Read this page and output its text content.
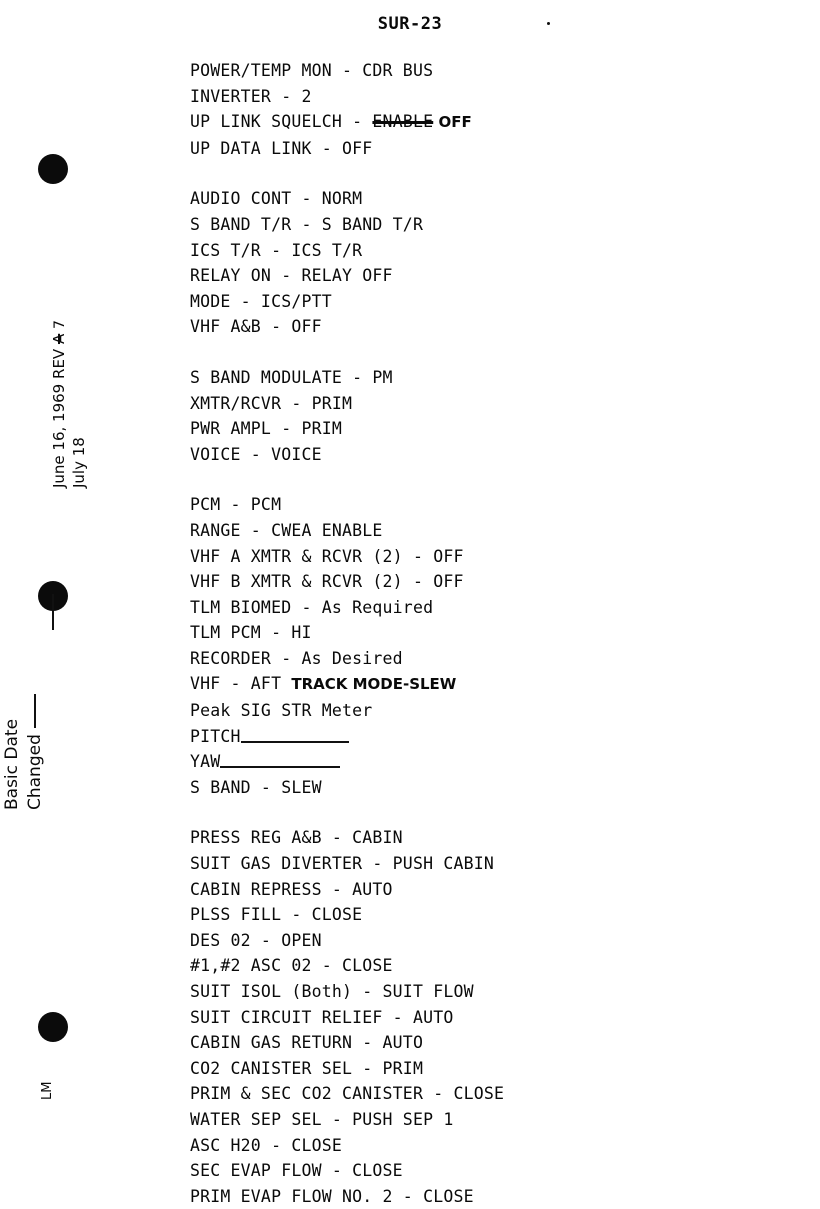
SUR-23
Basic Date Changed
June 16, 1969 REV A 7
July 18
LM
POWER/TEMP MON - CDR BUS
INVERTER - 2
UP LINK SQUELCH - ENABLE OFF
UP DATA LINK - OFF
AUDIO CONT - NORM
S BAND T/R - S BAND T/R
ICS T/R - ICS T/R
RELAY ON - RELAY OFF
MODE - ICS/PTT
VHF A&B - OFF
S BAND MODULATE - PM
XMTR/RCVR - PRIM
PWR AMPL - PRIM
VOICE - VOICE
PCM - PCM
RANGE - CWEA ENABLE
VHF A XMTR & RCVR (2) - OFF
VHF B XMTR & RCVR (2) - OFF
TLM BIOMED - As Required
TLM PCM - HI
RECORDER - As Desired
VHF - AFT TRACK MODE-SLEW
Peak SIG STR Meter
PITCH
YAW
S BAND - SLEW
PRESS REG A&B - CABIN
SUIT GAS DIVERTER - PUSH CABIN
CABIN REPRESS - AUTO
PLSS FILL - CLOSE
DES 02 - OPEN
#1,#2 ASC 02 - CLOSE
SUIT ISOL (Both) - SUIT FLOW
SUIT CIRCUIT RELIEF - AUTO
CABIN GAS RETURN - AUTO
CO2 CANISTER SEL - PRIM
PRIM & SEC CO2 CANISTER - CLOSE
WATER SEP SEL - PUSH SEP 1
ASC H20 - CLOSE
SEC EVAP FLOW - CLOSE
PRIM EVAP FLOW NO. 2 - CLOSE
